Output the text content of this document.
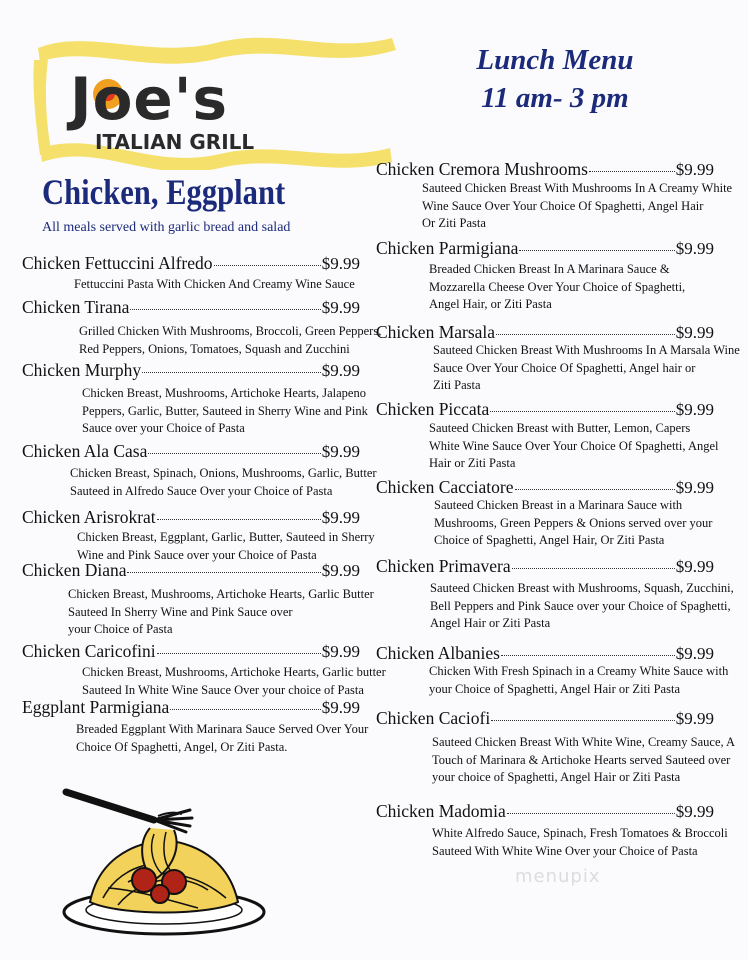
Joe's
ITALIAN GRILL
Lunch Menu
11 am- 3 pm
Chicken, Eggplant
All meals served with garlic bread and salad
Chicken Fettuccini Alfredo	$9.99
Fettuccini Pasta With Chicken And Creamy Wine Sauce
Chicken Tirana	$9.99
Grilled Chicken With Mushrooms, Broccoli, Green Peppers,
Red Peppers, Onions, Tomatoes, Squash and Zucchini
Chicken Murphy	$9.99
Chicken Breast, Mushrooms, Artichoke Hearts, Jalapeno
Peppers, Garlic, Butter, Sauteed in Sherry Wine and Pink
Sauce over your Choice of Pasta
Chicken Ala Casa	$9.99
Chicken Breast, Spinach, Onions, Mushrooms, Garlic, Butter
Sauteed in Alfredo Sauce Over your Choice of Pasta
Chicken Arisrokrat	$9.99
Chicken Breast, Eggplant, Garlic, Butter, Sauteed in Sherry
Wine and Pink Sauce over your Choice of Pasta
Chicken Diana	$9.99
Chicken Breast, Mushrooms, Artichoke Hearts, Garlic Butter
Sauteed In Sherry Wine and Pink Sauce over
your Choice of Pasta
Chicken Caricofini	$9.99
Chicken Breast, Mushrooms, Artichoke Hearts, Garlic butter
Sauteed In White Wine Sauce Over your choice of Pasta
Eggplant Parmigiana	$9.99
Breaded Eggplant With Marinara Sauce Served Over Your
Choice Of Spaghetti, Angel, Or Ziti Pasta.
Chicken Cremora Mushrooms	$9.99
Sauteed Chicken Breast With Mushrooms In A Creamy White
Wine Sauce Over Your Choice Of Spaghetti, Angel Hair
Or Ziti Pasta
Chicken Parmigiana	$9.99
Breaded Chicken Breast In A Marinara Sauce &
Mozzarella Cheese Over Your Choice of Spaghetti,
Angel Hair, or Ziti Pasta
Chicken Marsala	$9.99
Sauteed Chicken Breast With Mushrooms In A Marsala Wine
Sauce Over Your Choice Of Spaghetti, Angel hair or
Ziti Pasta
Chicken Piccata	$9.99
Sauteed Chicken Breast with Butter, Lemon, Capers
White Wine Sauce Over Your Choice Of Spaghetti, Angel
Hair or Ziti Pasta
Chicken Cacciatore	$9.99
Sauteed Chicken Breast in a Marinara Sauce with
Mushrooms, Green Peppers & Onions served over your
Choice of Spaghetti, Angel Hair, Or Ziti Pasta
Chicken Primavera	$9.99
Sauteed Chicken Breast with Mushrooms, Squash, Zucchini,
Bell Peppers and Pink Sauce over your Choice of Spaghetti,
Angel Hair or Ziti Pasta
Chicken Albanies	$9.99
Chicken With Fresh Spinach in a Creamy White Sauce with
your Choice of Spaghetti, Angel Hair or Ziti Pasta
Chicken Caciofi	$9.99
Sauteed Chicken Breast With White Wine, Creamy Sauce, A
Touch of Marinara & Artichoke Hearts served Sauteed over
your choice of Spaghetti, Angel Hair or Ziti Pasta
Chicken Madomia	$9.99
White Alfredo Sauce, Spinach, Fresh Tomatoes & Broccoli
Sauteed With White Wine Over your Choice of Pasta
menupix
